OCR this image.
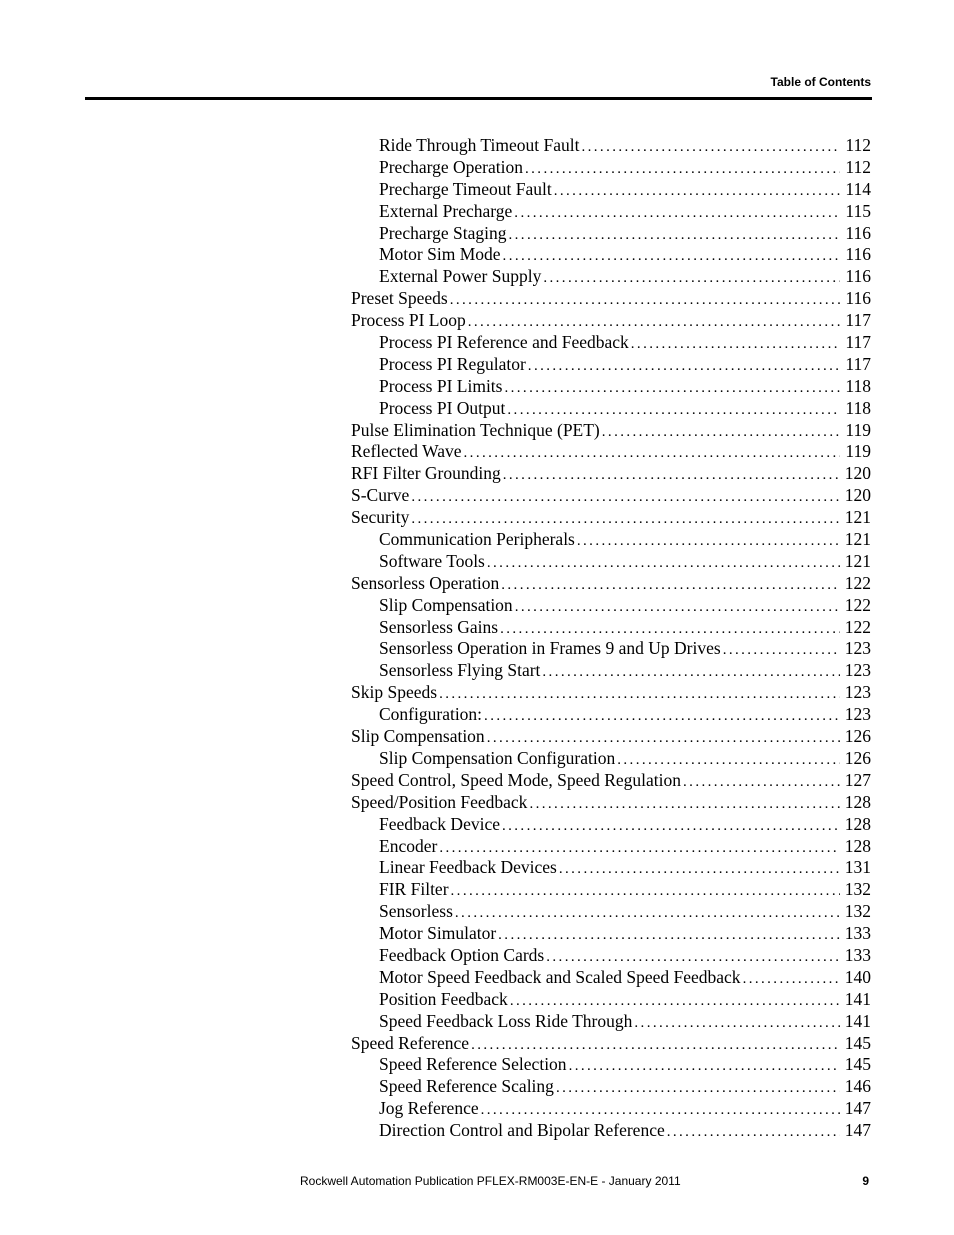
Table of Contents
Ride Through Timeout Fault .....	112
Precharge Operation .....	112
Precharge Timeout Fault .....	114
External Precharge .....	115
Precharge Staging .....	116
Motor Sim Mode .....	116
External Power Supply .....	116
Preset Speeds .....	116
Process PI Loop .....	117
Process PI Reference and Feedback .....	117
Process PI Regulator .....	117
Process PI Limits .....	118
Process PI Output .....	118
Pulse Elimination Technique (PET) .....	119
Reflected Wave .....	119
RFI Filter Grounding .....	120
S-Curve .....	120
Security .....	121
Communication Peripherals .....	121
Software Tools .....	121
Sensorless Operation .....	122
Slip Compensation .....	122
Sensorless Gains .....	122
Sensorless Operation in Frames 9 and Up Drives .....	123
Sensorless Flying Start .....	123
Skip Speeds .....	123
Configuration: .....	123
Slip Compensation .....	126
Slip Compensation Configuration .....	126
Speed Control, Speed Mode, Speed Regulation .....	127
Speed/Position Feedback .....	128
Feedback Device .....	128
Encoder .....	128
Linear Feedback Devices .....	131
FIR Filter .....	132
Sensorless .....	132
Motor Simulator .....	133
Feedback Option Cards .....	133
Motor Speed Feedback and Scaled Speed Feedback .....	140
Position Feedback .....	141
Speed Feedback Loss Ride Through .....	141
Speed Reference .....	145
Speed Reference Selection .....	145
Speed Reference Scaling .....	146
Jog Reference .....	147
Direction Control and Bipolar Reference .....	147
Rockwell Automation Publication PFLEX-RM003E-EN-E - January 2011	9
